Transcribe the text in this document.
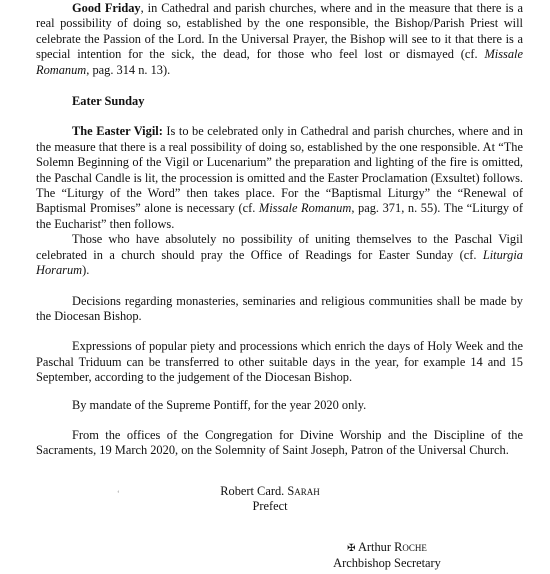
Good Friday, in Cathedral and parish churches, where and in the measure that there is a real possibility of doing so, established by the one responsible, the Bishop/Parish Priest will celebrate the Passion of the Lord. In the Universal Prayer, the Bishop will see to it that there is a special intention for the sick, the dead, for those who feel lost or dismayed (cf. Missale Romanum, pag. 314 n. 13).

Eater Sunday

The Easter Vigil: Is to be celebrated only in Cathedral and parish churches, where and in the measure that there is a real possibility of doing so, established by the one responsible. At “The Solemn Beginning of the Vigil or Lucenarium” the preparation and lighting of the fire is omitted, the Paschal Candle is lit, the procession is omitted and the Easter Proclamation (Exsultet) follows. The “Liturgy of the Word” then takes place. For the “Baptismal Liturgy” the “Renewal of Baptismal Promises” alone is necessary (cf. Missale Romanum, pag. 371, n. 55). The “Liturgy of the Eucharist” then follows.

Those who have absolutely no possibility of uniting themselves to the Paschal Vigil celebrated in a church should pray the Office of Readings for Easter Sunday (cf. Liturgia Horarum).

Decisions regarding monasteries, seminaries and religious communities shall be made by the Diocesan Bishop.

Expressions of popular piety and processions which enrich the days of Holy Week and the Paschal Triduum can be transferred to other suitable days in the year, for example 14 and 15 September, according to the judgement of the Diocesan Bishop.

By mandate of the Supreme Pontiff, for the year 2020 only.

From the offices of the Congregation for Divine Worship and the Discipline of the Sacraments, 19 March 2020, on the Solemnity of Saint Joseph, Patron of the Universal Church.

‘	Robert Card. Sarah
Prefect
✠ Arthur Roche
Archbishop Secretary
